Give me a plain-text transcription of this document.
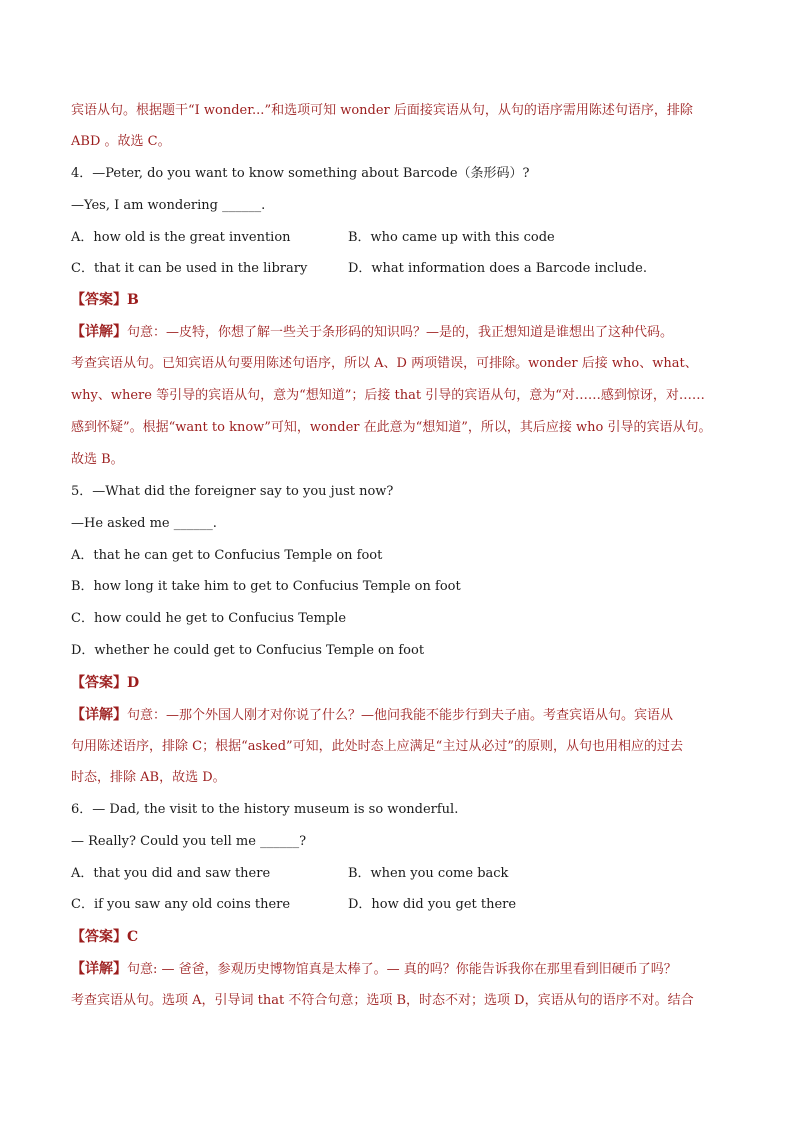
宾语从句。根据题干“I wonder...”和选项可知 wonder 后面接宾语从句，从句的语序需用陈述句语序，排除
ABD 。故选 C。
4．—Peter, do you want to know something about Barcode（条形码）?
—Yes, I am wondering ______.
A．how old is the great invention	B．who came up with this code
C．that it can be used in the library	D．what information does a Barcode include.
【答案】B
【详解】句意：—皮特，你想了解一些关于条形码的知识吗？—是的，我正想知道是谁想出了这种代码。
考查宾语从句。已知宾语从句要用陈述句语序，所以 A、D 两项错误，可排除。wonder 后接 who、what、
why、where 等引导的宾语从句，意为“想知道”；后接 that 引导的宾语从句，意为“对……感到惊讶，对……
感到怀疑”。根据“want to know”可知，wonder 在此意为“想知道”，所以，其后应接 who 引导的宾语从句。
故选 B。
5．—What did the foreigner say to you just now?
—He asked me ______.
A．that he can get to Confucius Temple on foot
B．how long it take him to get to Confucius Temple on foot
C．how could he get to Confucius Temple
D．whether he could get to Confucius Temple on foot
【答案】D
【详解】句意：—那个外国人刚才对你说了什么？—他问我能不能步行到夫子庙。考查宾语从句。宾语从
句用陈述语序，排除 C；根据“asked”可知，此处时态上应满足“主过从必过”的原则，从句也用相应的过去
时态，排除 AB，故选 D。
6．— Dad, the visit to the history museum is so wonderful.
— Really? Could you tell me ______?
A．that you did and saw there	B．when you come back
C．if you saw any old coins there	D．how did you get there
【答案】C
【详解】句意: — 爸爸，参观历史博物馆真是太棒了。— 真的吗？你能告诉我你在那里看到旧硬币了吗？
考查宾语从句。选项 A，引导词 that 不符合句意；选项 B，时态不对；选项 D，宾语从句的语序不对。结合
